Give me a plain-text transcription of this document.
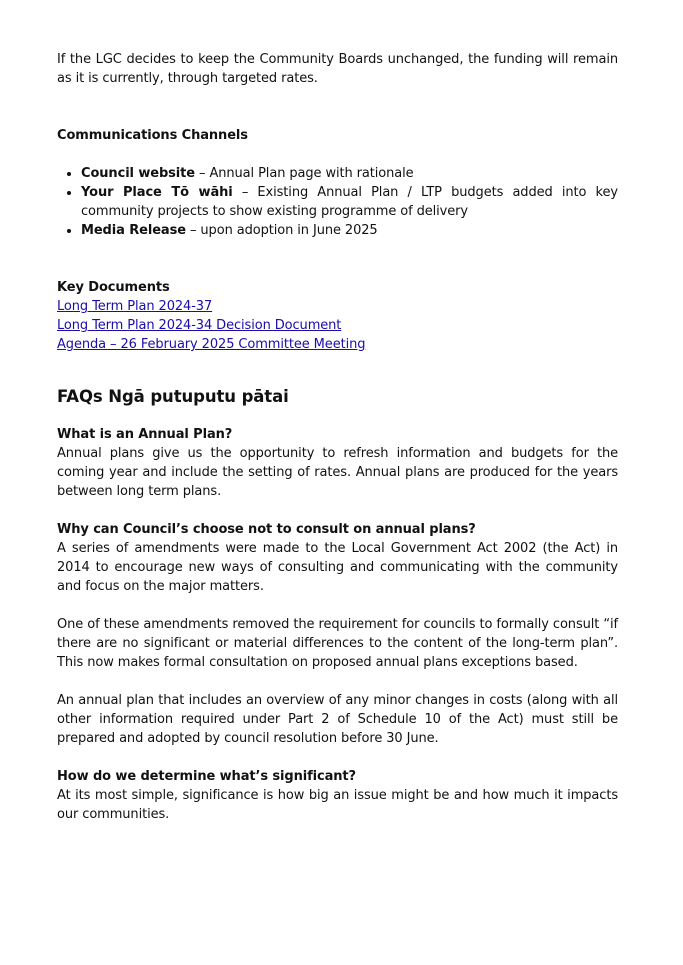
If the LGC decides to keep the Community Boards unchanged, the funding will remain as it is currently, through targeted rates.

Communications Channels

• Council website – Annual Plan page with rationale
• Your Place Tō wāhi – Existing Annual Plan / LTP budgets added into key community projects to show existing programme of delivery
• Media Release – upon adoption in June 2025

Key Documents

Long Term Plan 2024-37
Long Term Plan 2024-34 Decision Document
Agenda – 26 February 2025 Committee Meeting

FAQs Ngā putuputu pātai

What is an Annual Plan?

Annual plans give us the opportunity to refresh information and budgets for the coming year and include the setting of rates. Annual plans are produced for the years between long term plans.

Why can Council’s choose not to consult on annual plans?

A series of amendments were made to the Local Government Act 2002 (the Act) in 2014 to encourage new ways of consulting and communicating with the community and focus on the major matters.

One of these amendments removed the requirement for councils to formally consult “if there are no significant or material differences to the content of the long-term plan”. This now makes formal consultation on proposed annual plans exceptions based.

An annual plan that includes an overview of any minor changes in costs (along with all other information required under Part 2 of Schedule 10 of the Act) must still be prepared and adopted by council resolution before 30 June.

How do we determine what’s significant?

At its most simple, significance is how big an issue might be and how much it impacts our communities.
